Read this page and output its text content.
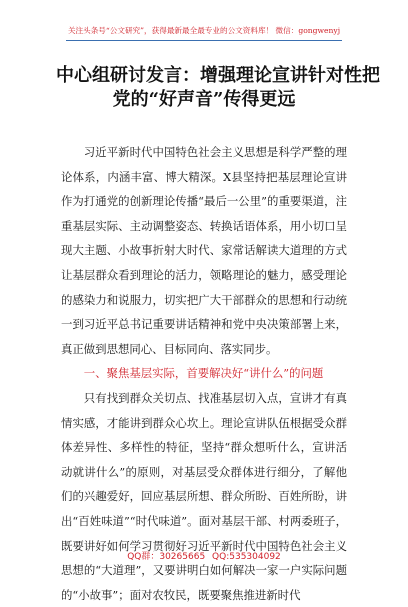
关注头条号“公文研究”，获得最新最全最专业的公文资料库！ 微信：gongwenyj
中心组研讨发言：增强理论宣讲针对性把
党的“好声音”传得更远

习近平新时代中国特色社会主义思想是科学严整的理论体系，内涵丰富、博大精深。X县坚持把基层理论宣讲作为打通党的创新理论传播“最后一公里”的重要渠道，注重基层实际、主动调整姿态、转换话语体系，用小切口呈现大主题、小故事折射大时代、家常话解读大道理的方式让基层群众看到理论的活力，领略理论的魅力，感受理论的感染力和说服力，切实把广大干部群众的思想和行动统一到习近平总书记重要讲话精神和党中央决策部署上来，真正做到思想同心、目标同向、落实同步。

一、聚焦基层实际，首要解决好“讲什么”的问题

只有找到群众关切点、找准基层切入点，宣讲才有真情实感，才能讲到群众心坎上。理论宣讲队伍根据受众群体差异性、多样性的特征，坚持“群众想听什么，宣讲活动就讲什么”的原则，对基层受众群体进行细分，了解他们的兴趣爱好，回应基层所想、群众所盼、百姓所盼，讲出“百姓味道”“时代味道”。面对基层干部、村两委班子，既要讲好如何学习贯彻好习近平新时代中国特色社会主义思想的“大道理”，又要讲明白如何解决一家一户实际问题的“小故事”；面对农牧民，既要聚焦推进新时代

QQ群：30265665 QQ:535304092
